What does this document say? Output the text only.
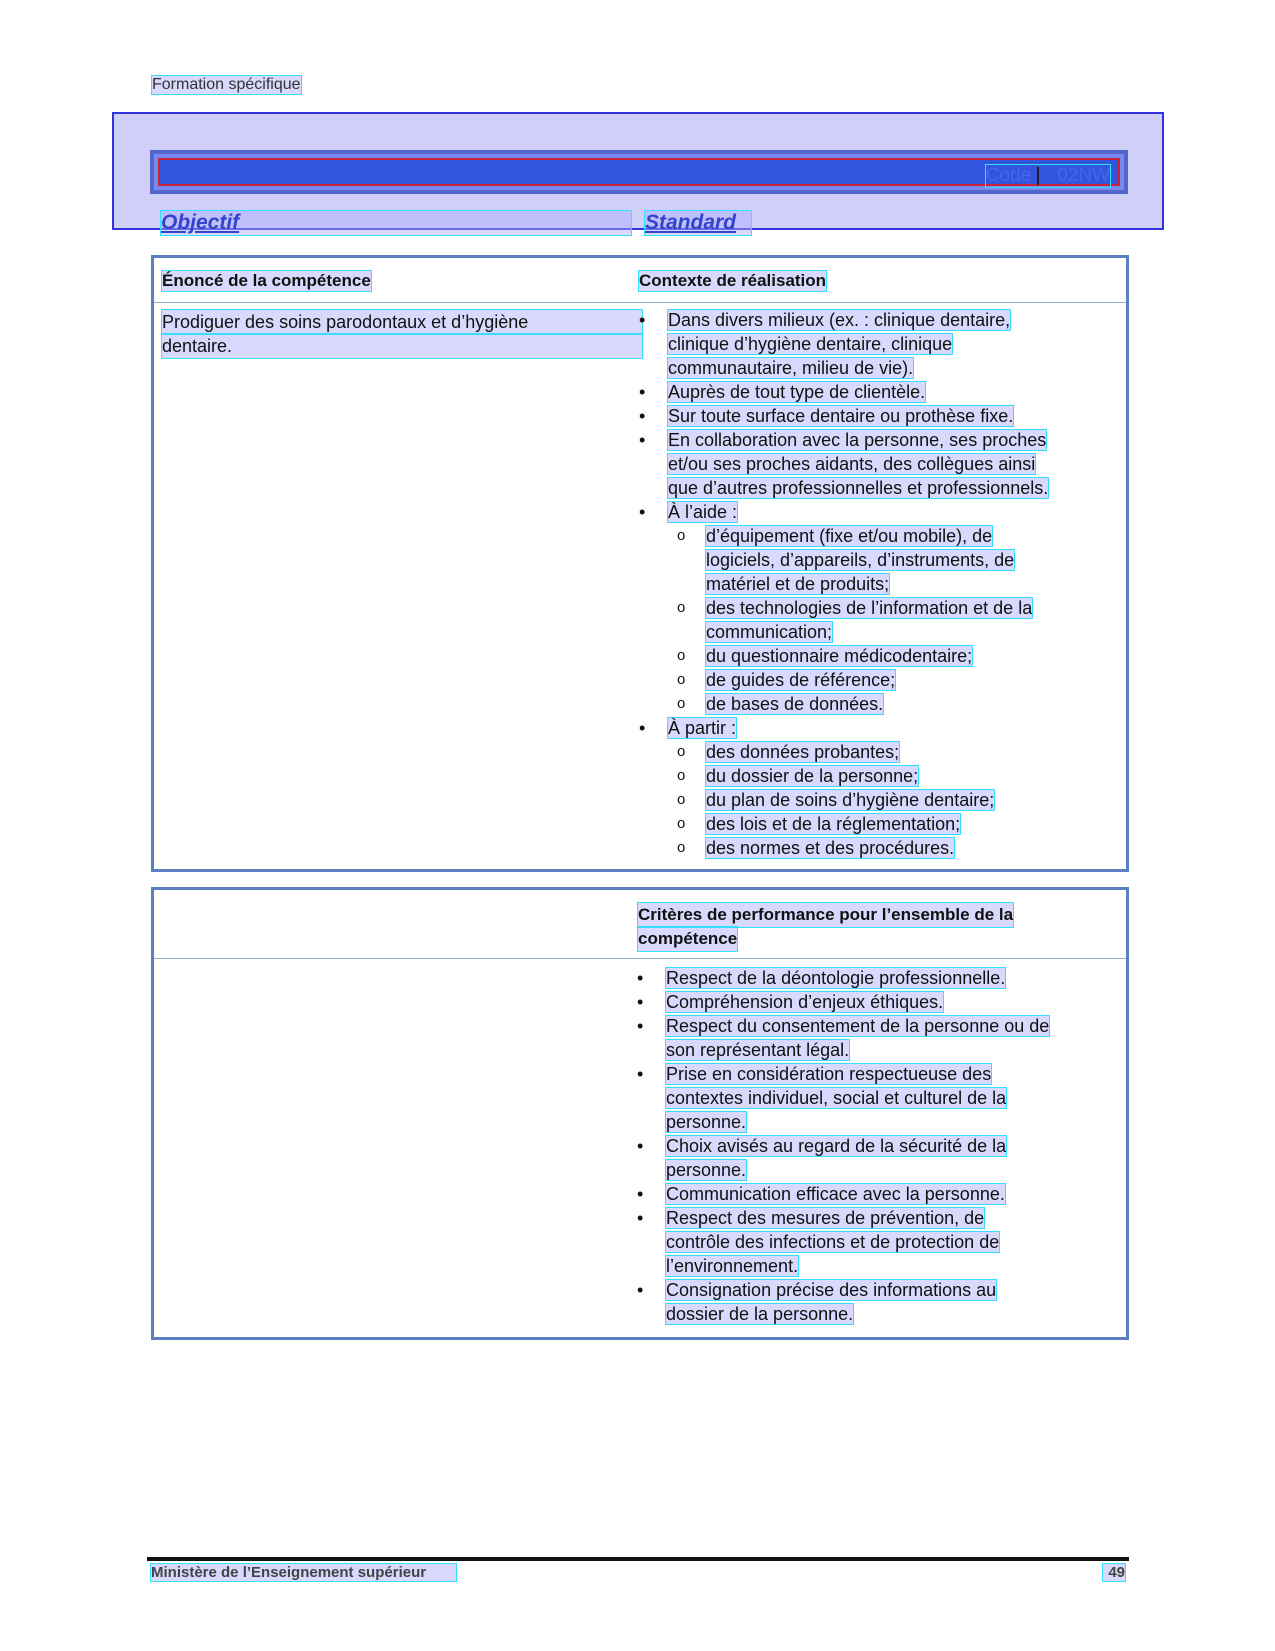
Formation spécifique
Code 02NW
Objectif	Standard
Énoncé de la compétence	Contexte de réalisation
Prodiguer des soins parodontaux et d’hygiène
dentaire.
• Dans divers milieux (ex. : clinique dentaire,
clinique d’hygiène dentaire, clinique
communautaire, milieu de vie).
• Auprès de tout type de clientèle.
• Sur toute surface dentaire ou prothèse fixe.
• En collaboration avec la personne, ses proches
et/ou ses proches aidants, des collègues ainsi
que d’autres professionnelles et professionnels.
• À l’aide :
o d’équipement (fixe et/ou mobile), de
logiciels, d’appareils, d’instruments, de
matériel et de produits;
o des technologies de l’information et de la
communication;
o du questionnaire médicodentaire;
o de guides de référence;
o de bases de données.
• À partir :
o des données probantes;
o du dossier de la personne;
o du plan de soins d’hygiène dentaire;
o des lois et de la réglementation;
o des normes et des procédures.
Critères de performance pour l’ensemble de la
compétence
• Respect de la déontologie professionnelle.
• Compréhension d’enjeux éthiques.
• Respect du consentement de la personne ou de
son représentant légal.
• Prise en considération respectueuse des
contextes individuel, social et culturel de la
personne.
• Choix avisés au regard de la sécurité de la
personne.
• Communication efficace avec la personne.
• Respect des mesures de prévention, de
contrôle des infections et de protection de
l’environnement.
• Consignation précise des informations au
dossier de la personne.
Ministère de l’Enseignement supérieur	49
